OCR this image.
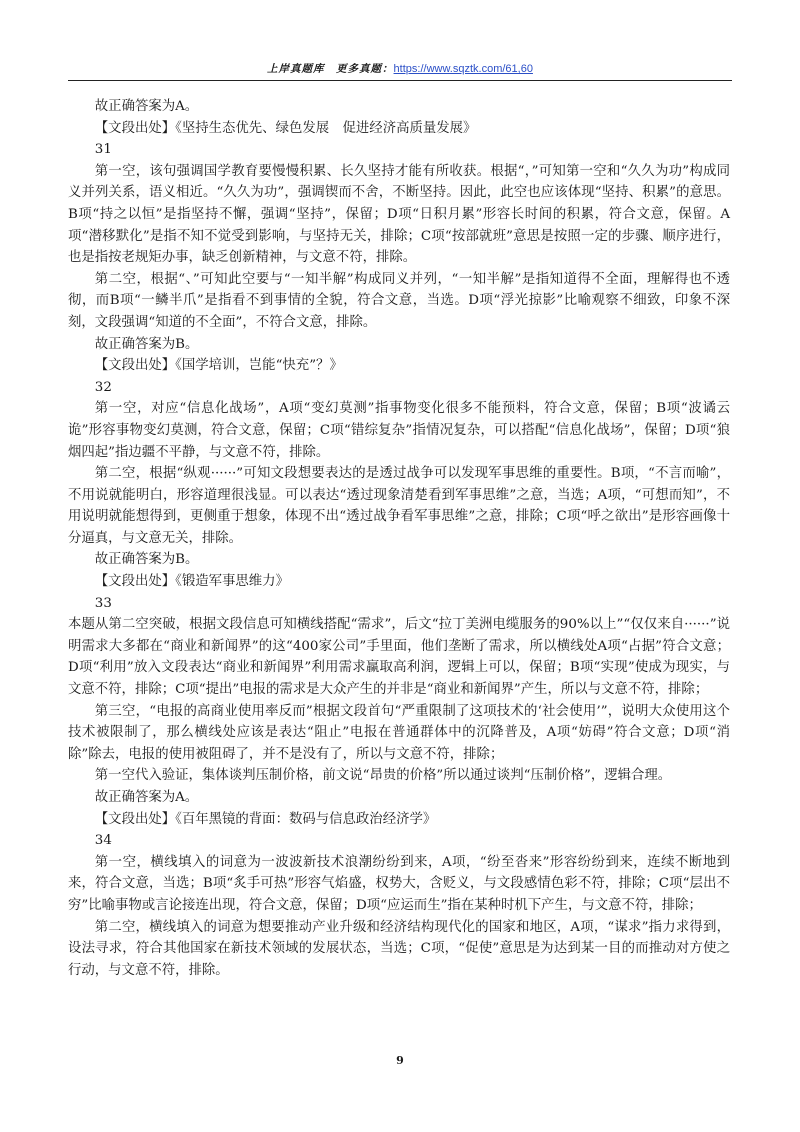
上岸真题库　更多真题：https://www.sqztk.com/61,60

故正确答案为A。

【文段出处】《坚持生态优先、绿色发展　促进经济高质量发展》

31

第一空，该句强调国学教育要慢慢积累、长久坚持才能有所收获。根据“，”可知第一空和“久久为功”构成同义并列关系，语义相近。“久久为功”，强调锲而不舍，不断坚持。因此，此空也应该体现“坚持、积累”的意思。B项“持之以恒”是指坚持不懈，强调“坚持”，保留；D项“日积月累”形容长时间的积累，符合文意，保留。A项“潜移默化”是指不知不觉受到影响，与坚持无关，排除；C项“按部就班”意思是按照一定的步骤、顺序进行，也是指按老规矩办事，缺乏创新精神，与文意不符，排除。

第二空，根据“、”可知此空要与“一知半解”构成同义并列，“一知半解”是指知道得不全面，理解得也不透彻，而B项“一鳞半爪”是指看不到事情的全貌，符合文意，当选。D项“浮光掠影”比喻观察不细致，印象不深刻，文段强调“知道的不全面”，不符合文意，排除。

故正确答案为B。

【文段出处】《国学培训，岂能“快充”？》

32

第一空，对应“信息化战场”，A项“变幻莫测”指事物变化很多不能预料，符合文意，保留；B项“波谲云诡”形容事物变幻莫测，符合文意，保留；C项“错综复杂”指情况复杂，可以搭配“信息化战场”，保留；D项“狼烟四起”指边疆不平静，与文意不符，排除。

第二空，根据“纵观······”可知文段想要表达的是透过战争可以发现军事思维的重要性。B项，“不言而喻”，不用说就能明白，形容道理很浅显。可以表达“透过现象清楚看到军事思维”之意，当选；A项，“可想而知”，不用说明就能想得到，更侧重于想象，体现不出“透过战争看军事思维”之意，排除；C项“呼之欲出”是形容画像十分逼真，与文意无关，排除。

故正确答案为B。

【文段出处】《锻造军事思维力》

33

本题从第二空突破，根据文段信息可知横线搭配“需求”，后文“拉丁美洲电缆服务的90%以上”“仅仅来自······”说明需求大多都在“商业和新闻界”的这“400家公司”手里面，他们垄断了需求，所以横线处A项“占据”符合文意；D项“利用”放入文段表达“商业和新闻界”利用需求赢取高利润，逻辑上可以，保留；B项“实现”使成为现实，与文意不符，排除；C项“提出”电报的需求是大众产生的并非是“商业和新闻界”产生，所以与文意不符，排除；

第三空，“电报的高商业使用率反而”根据文段首句“严重限制了这项技术的‘社会使用’”，说明大众使用这个技术被限制了，那么横线处应该是表达“阻止”电报在普通群体中的沉降普及，A项“妨碍”符合文意；D项“消除”除去，电报的使用被阻碍了，并不是没有了，所以与文意不符，排除；

第一空代入验证，集体谈判压制价格，前文说“昂贵的价格”所以通过谈判“压制价格”，逻辑合理。

故正确答案为A。

【文段出处】《百年黑镜的背面：数码与信息政治经济学》

34

第一空，横线填入的词意为一波波新技术浪潮纷纷到来，A项，“纷至沓来”形容纷纷到来，连续不断地到来，符合文意，当选；B项“炙手可热”形容气焰盛，权势大，含贬义，与文段感情色彩不符，排除；C项“层出不穷”比喻事物或言论接连出现，符合文意，保留；D项“应运而生”指在某种时机下产生，与文意不符，排除；

第二空，横线填入的词意为想要推动产业升级和经济结构现代化的国家和地区，A项，“谋求”指力求得到，设法寻求，符合其他国家在新技术领域的发展状态，当选；C项，“促使”意思是为达到某一目的而推动对方使之行动，与文意不符，排除。

9
